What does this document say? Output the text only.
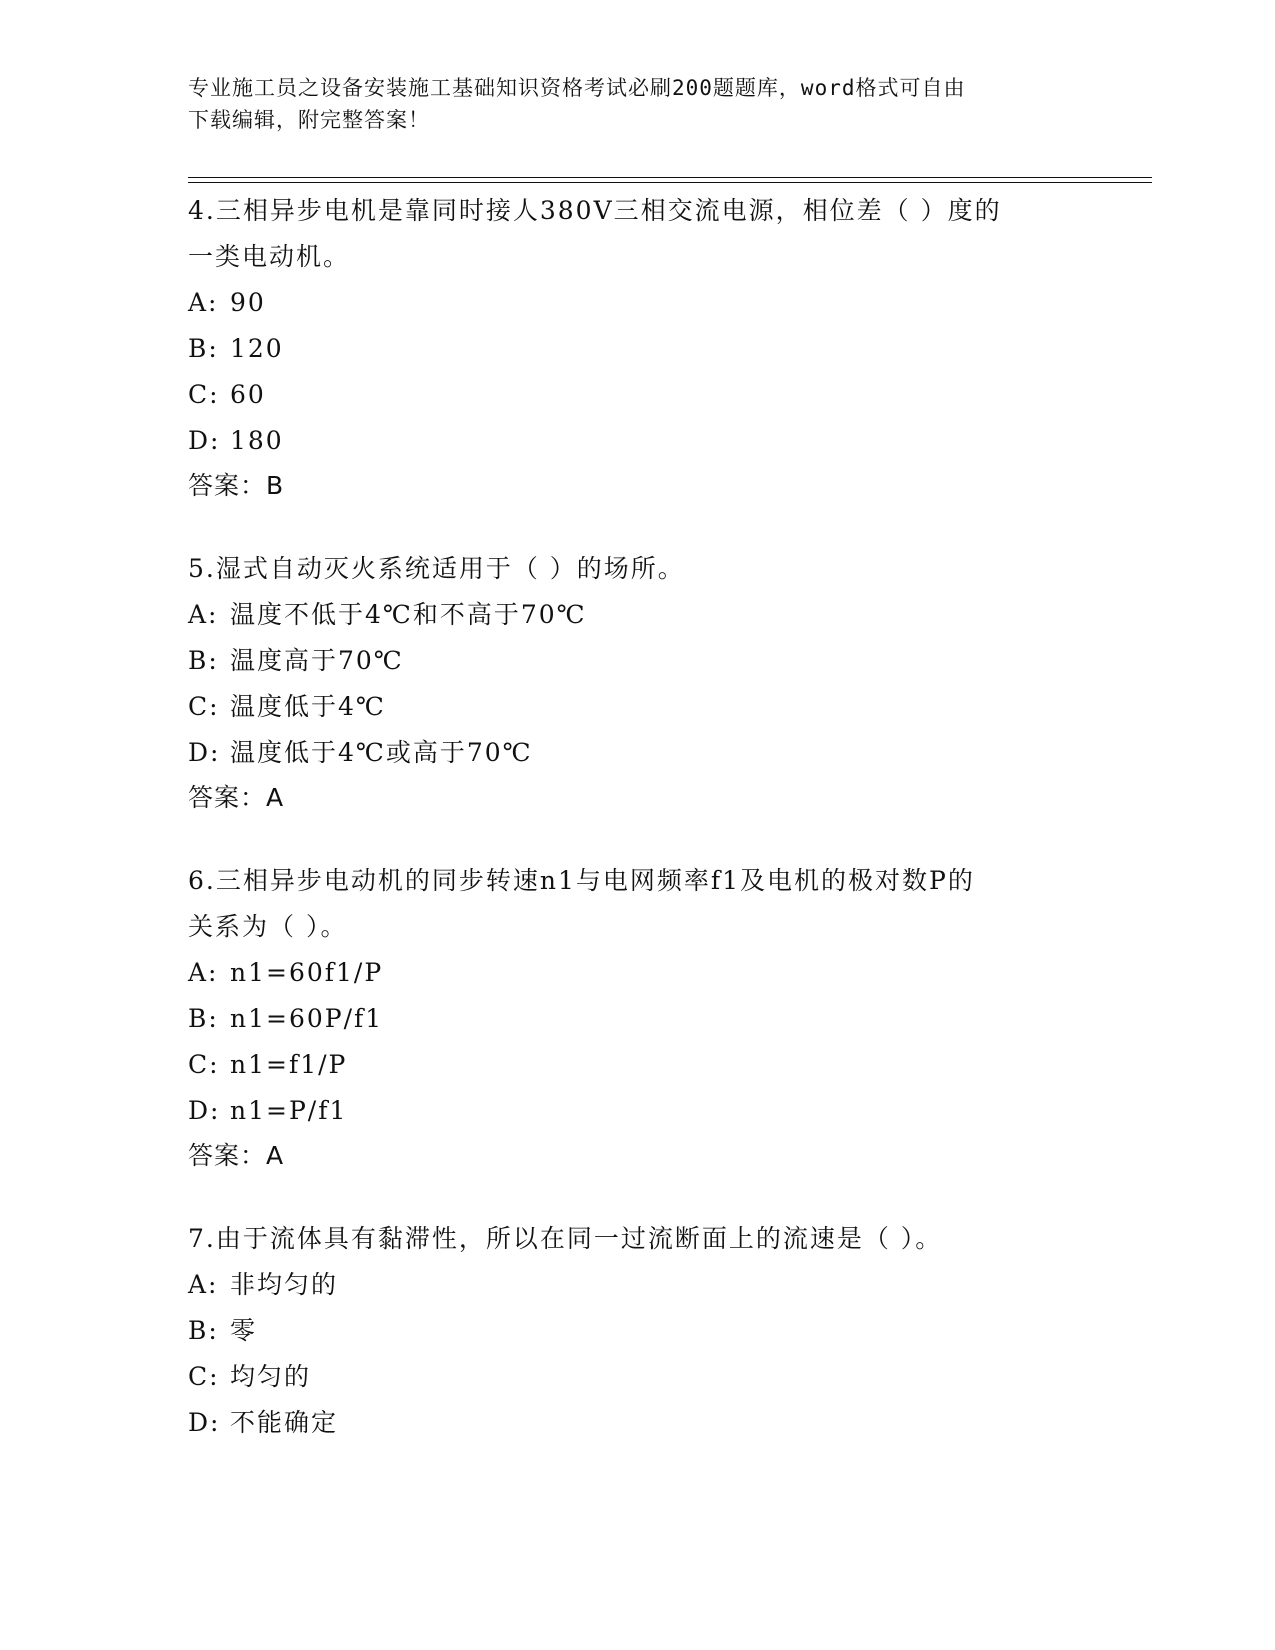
专业施工员之设备安装施工基础知识资格考试必刷200题题库，word格式可自由
下载编辑，附完整答案！

4.三相异步电机是靠同时接人380V三相交流电源，相位差（ ）度的
一类电动机。

A: 90

B: 120

C: 60

D: 180

答案：B

5.湿式自动灭火系统适用于（ ）的场所。

A: 温度不低于4℃和不高于70℃

B: 温度高于70℃

C: 温度低于4℃

D: 温度低于4℃或高于70℃

答案：A

6.三相异步电动机的同步转速n1与电网频率f1及电机的极对数P的
关系为（ ）。

A: n1=60f1/P

B: n1=60P/f1

C: n1=f1/P

D: n1=P/f1

答案：A

7.由于流体具有黏滞性，所以在同一过流断面上的流速是（ ）。

A: 非均匀的

B: 零

C: 均匀的

D: 不能确定
